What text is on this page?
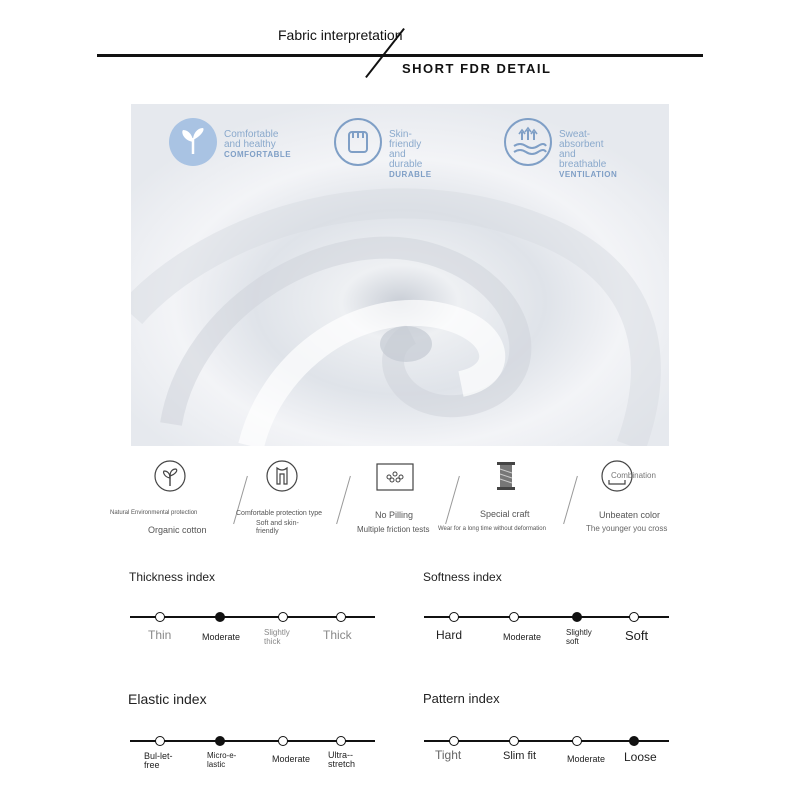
Fabric interpretation
SHORT FDR DETAIL
Comfortable
and healthy
COMFORTABLE
Skin-friendly
and durable
DURABLE
Sweat-absorbent
and breathable
VENTILATION
Natural Environmental protection
Organic cotton
Comfortable protection type
Soft and skin-friendly
No Pilling
Multiple friction tests
Special craft
Wear for a long time without deformation
Combination
Unbeaten color
The younger you cross
Thickness index
Thin	Moderate	Slightly thick	Thick
Softness index
Hard	Moderate	Slightly soft	Soft
Elastic index
Bul-let-free
Micro-e-lastic
Moderate Ultra--stretch
Pattern index
Tight	Slim fit	Moderate Loose
